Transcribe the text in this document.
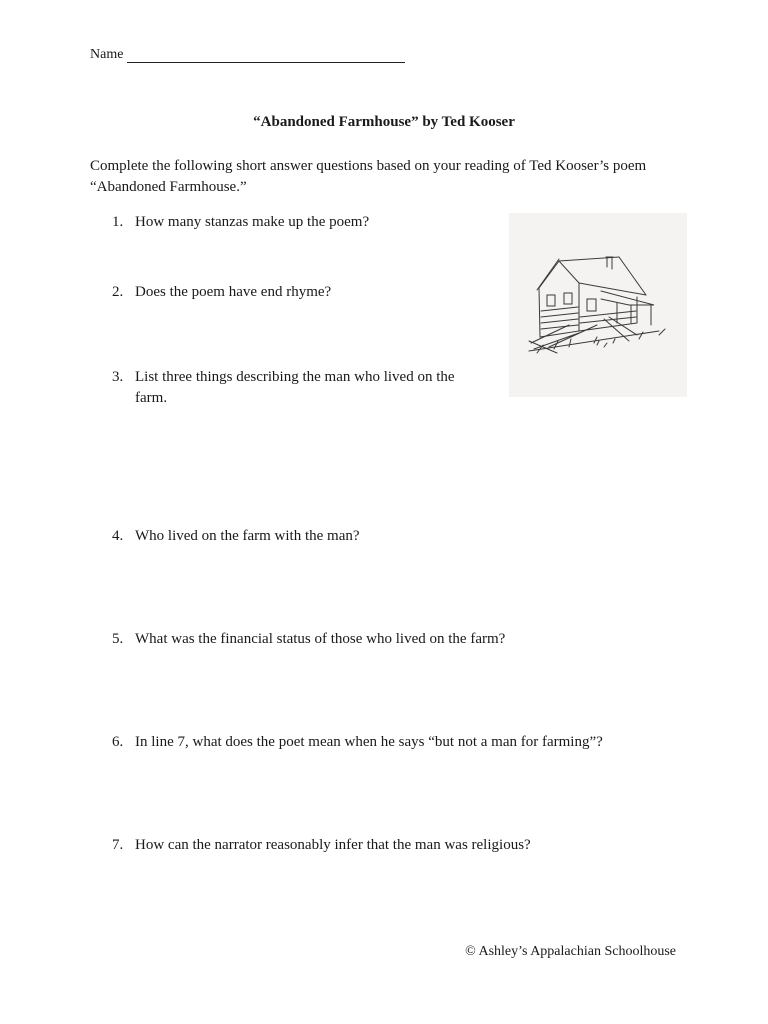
Name
“Abandoned Farmhouse” by Ted Kooser
Complete the following short answer questions based on your reading of Ted Kooser’s poem “Abandoned Farmhouse.”
1. How many stanzas make up the poem?
2. Does the poem have end rhyme?
3. List three things describing the man who lived on the farm.
4. Who lived on the farm with the man?
5. What was the financial status of those who lived on the farm?
6. In line 7, what does the poet mean when he says “but not a man for farming”?
7. How can the narrator reasonably infer that the man was religious?
© Ashley’s Appalachian Schoolhouse
